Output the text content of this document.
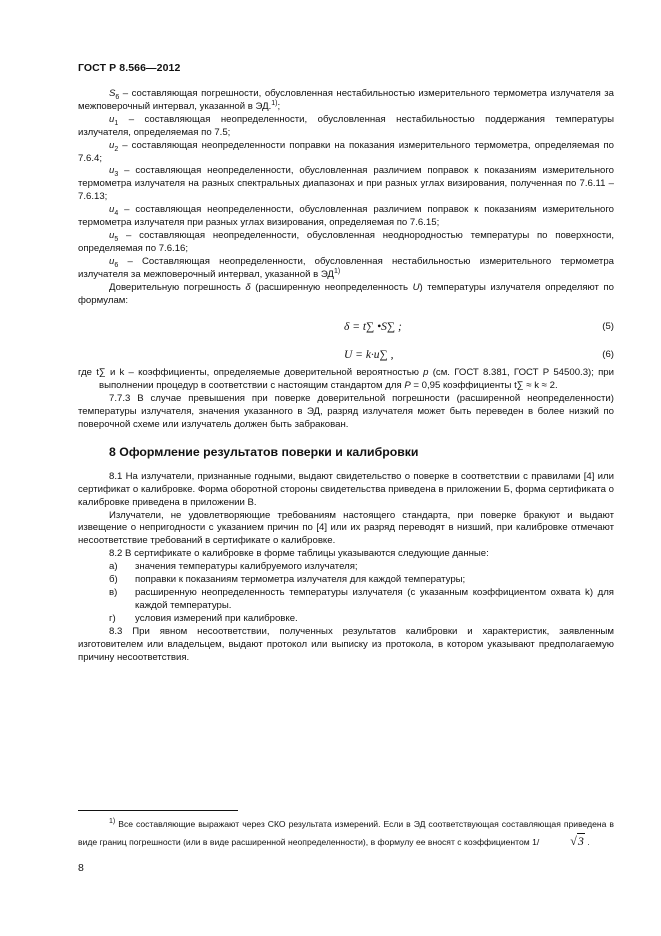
ГОСТ Р 8.566—2012

$S_6$ – составляющая погрешности, обусловленная нестабильностью измерительного термометра излучателя за межповерочный интервал, указанной в ЭД.$^{1)}$;

$u_1$ – составляющая неопределенности, обусловленная нестабильностью поддержания температуры излучателя, определяемая по 7.5;

$u_2$ – составляющая неопределенности поправки на показания измерительного термометра, определяемая по 7.6.4;

$u_3$ – составляющая неопределенности, обусловленная различием поправок к показаниям измерительного термометра излучателя на разных спектральных диапазонах и при разных углах визирования, полученная по 7.6.11 – 7.6.13;

$u_4$ – составляющая неопределенности, обусловленная различием поправок к показаниям измерительного термометра излучателя при разных углах визирования, определяемая по 7.6.15;

$u_5$ – составляющая неопределенности, обусловленная неоднородностью температуры по поверхности, определяемая по 7.6.16;

$u_6$ – Составляющая неопределенности, обусловленная нестабильностью измерительного термометра излучателя за межповерочный интервал, указанной в ЭД$^{1)}$

Доверительную погрешность δ (расширенную неопределенность U) температуры излучателя определяют по формулам:

δ = t∑ •S∑ ;	(5)
U = k·u∑ ,	(6)

где t∑ и k – коэффициенты, определяемые доверительной вероятностью p (см. ГОСТ 8.381, ГОСТ Р 54500.3); при выполнении процедур в соответствии с настоящим стандартом для P = 0,95 коэффициенты t∑ ≈ k ≈ 2.

7.7.3 В случае превышения при поверке доверительной погрешности (расширенной неопределенности) температуры излучателя, значения указанного в ЭД, разряд излучателя может быть переведен в более низкий по поверочной схеме или излучатель должен быть забракован.

8 Оформление результатов поверки и калибровки

8.1 На излучатели, признанные годными, выдают свидетельство о поверке в соответствии с правилами [4] или сертификат о калибровке. Форма оборотной стороны свидетельства приведена в приложении Б, форма сертификата о калибровке приведена в приложении В.

Излучатели, не удовлетворяющие требованиям настоящего стандарта, при поверке бракуют и выдают извещение о непригодности с указанием причин по [4] или их разряд переводят в низший, при калибровке отмечают несоответствие требований в сертификате о калибровке.

8.2 В сертификате о калибровке в форме таблицы указываются следующие данные:

а)	значения температуры калибруемого излучателя;
б)	поправки к показаниям термометра излучателя для каждой температуры;
в)	расширенную неопределенность температуры излучателя (с указанным коэффициентом охвата k) для каждой температуры.
г)	условия измерений при калибровке.

8.3 При явном несоответствии, полученных результатов калибровки и характеристик, заявленным изготовителем или владельцем, выдают протокол или выписку из протокола, в котором указывают предполагаемую причину несоответствия.

$^{1)}$ Все составляющие выражают через СКО результата измерений. Если в ЭД соответствующая составляющая приведена в виде границ погрешности (или в виде расширенной неопределенности), в формулу ее вносят с коэффициентом 1/	√3 .
8
